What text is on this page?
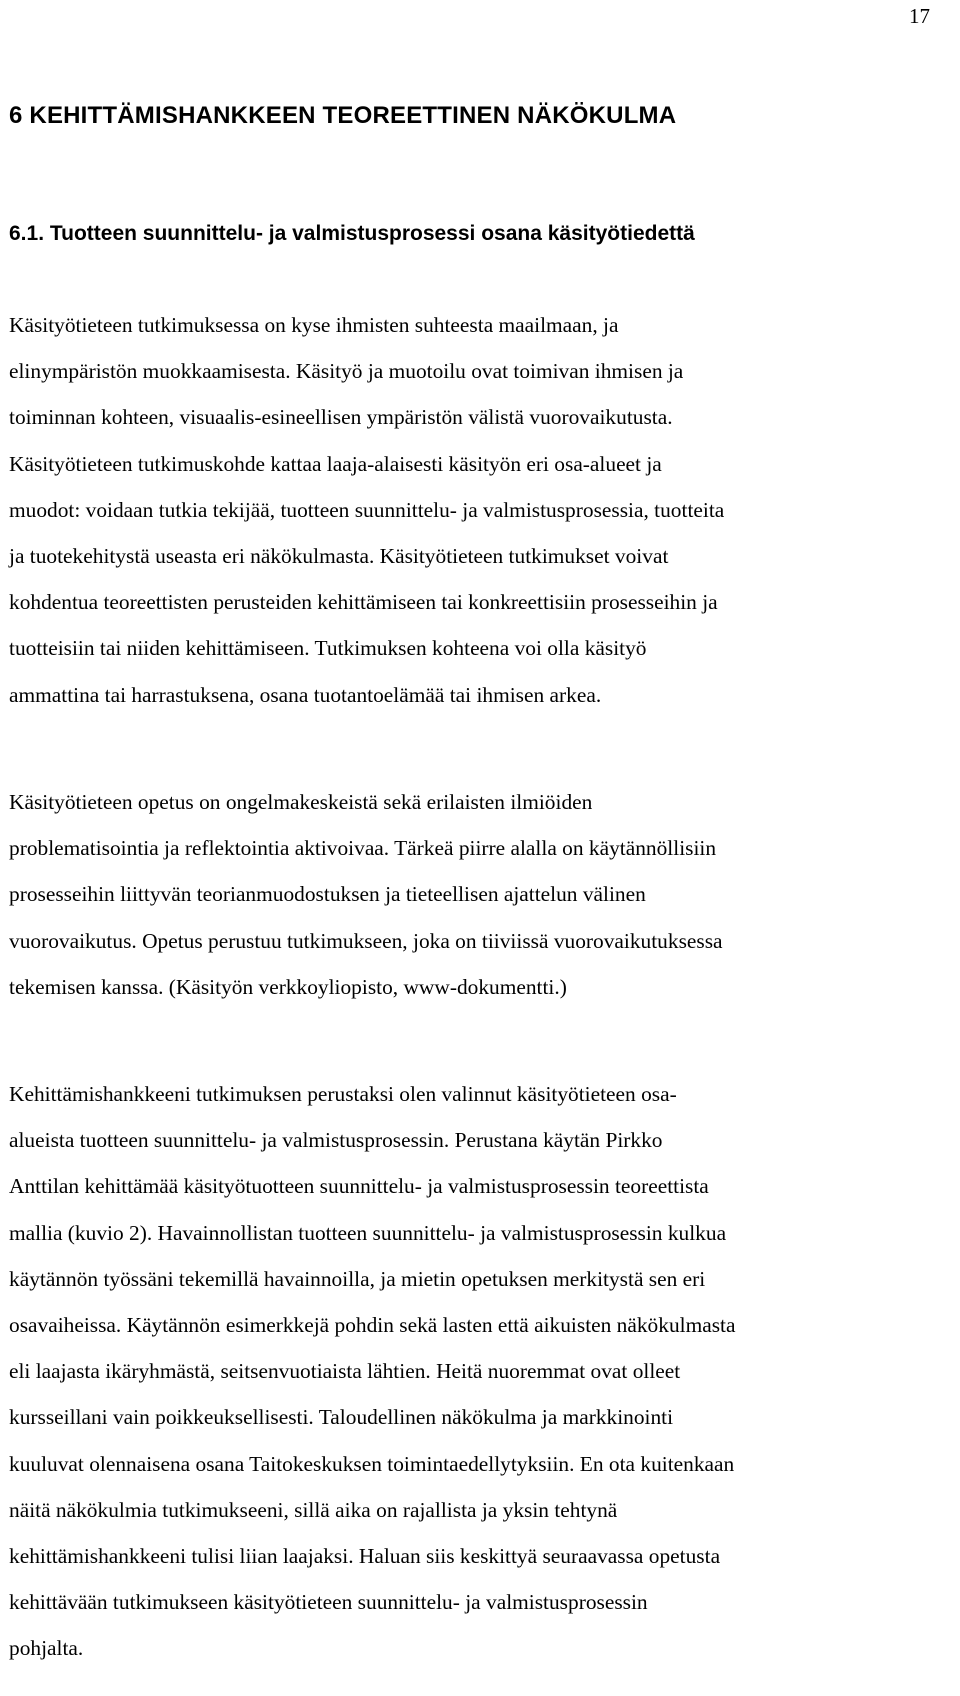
17
6 KEHITTÄMISHANKKEEN TEOREETTINEN NÄKÖKULMA
6.1. Tuotteen suunnittelu- ja valmistusprosessi osana käsityötiedettä

Käsityötieteen tutkimuksessa on kyse ihmisten suhteesta maailmaan, ja
elinympäristön muokkaamisesta. Käsityö ja muotoilu ovat toimivan ihmisen ja
toiminnan kohteen, visuaalis-esineellisen ympäristön välistä vuorovaikutusta.
Käsityötieteen tutkimuskohde kattaa laaja-alaisesti käsityön eri osa-alueet ja
muodot: voidaan tutkia tekijää, tuotteen suunnittelu- ja valmistusprosessia, tuotteita
ja tuotekehitystä useasta eri näkökulmasta. Käsityötieteen tutkimukset voivat
kohdentua teoreettisten perusteiden kehittämiseen tai konkreettisiin prosesseihin ja
tuotteisiin tai niiden kehittämiseen. Tutkimuksen kohteena voi olla käsityö
ammattina tai harrastuksena, osana tuotantoelämää tai ihmisen arkea.

Käsityötieteen opetus on ongelmakeskeistä sekä erilaisten ilmiöiden
problematisointia ja reflektointia aktivoivaa. Tärkeä piirre alalla on käytännöllisiin
prosesseihin liittyvän teorianmuodostuksen ja tieteellisen ajattelun välinen
vuorovaikutus. Opetus perustuu tutkimukseen, joka on tiiviissä vuorovaikutuksessa
tekemisen kanssa. (Käsityön verkkoyliopisto, www-dokumentti.)

Kehittämishankkeeni tutkimuksen perustaksi olen valinnut käsityötieteen osa-
alueista tuotteen suunnittelu- ja valmistusprosessin. Perustana käytän Pirkko
Anttilan kehittämää käsityötuotteen suunnittelu- ja valmistusprosessin teoreettista
mallia (kuvio 2). Havainnollistan tuotteen suunnittelu- ja valmistusprosessin kulkua
käytännön työssäni tekemillä havainnoilla, ja mietin opetuksen merkitystä sen eri
osavaiheissa. Käytännön esimerkkejä pohdin sekä lasten että aikuisten näkökulmasta
eli laajasta ikäryhmästä, seitsenvuotiaista lähtien. Heitä nuoremmat ovat olleet
kursseillani vain poikkeuksellisesti. Taloudellinen näkökulma ja markkinointi
kuuluvat olennaisena osana Taitokeskuksen toimintaedellytyksiin. En ota kuitenkaan
näitä näkökulmia tutkimukseeni, sillä aika on rajallista ja yksin tehtynä
kehittämishankkeeni tulisi liian laajaksi. Haluan siis keskittyä seuraavassa opetusta
kehittävään tutkimukseen käsityötieteen suunnittelu- ja valmistusprosessin
pohjalta.
